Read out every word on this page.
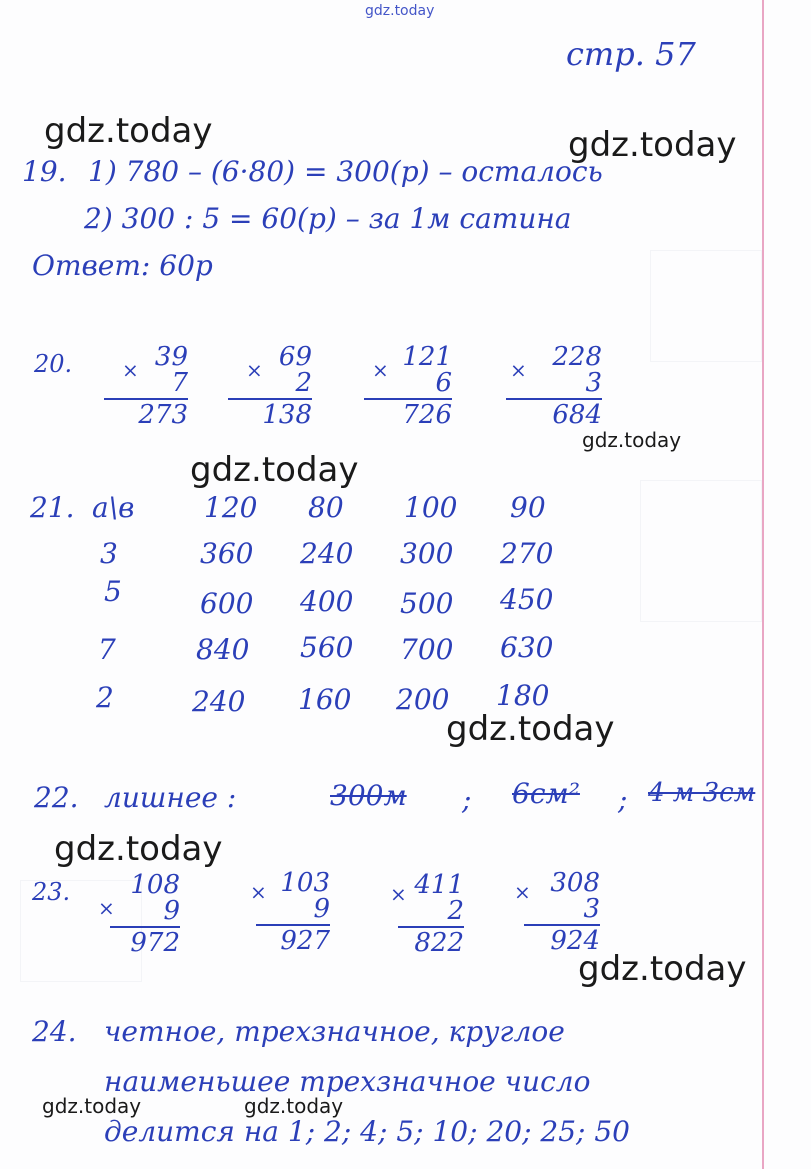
gdz.today
gdz.today	gdz.today
gdz.today
gdz.today
gdz.today
gdz.today
gdz.today
gdz.today	gdz.today
стр. 57
19. 1) 780 – (6·80) = 300(р) – осталось
2) 300 : 5 = 60(р) – за 1м сатина
Ответ: 60р
20. × 39
7
273
× 69
2
138
× 121
6
726
× 228
3
684
21. а\в 120 80 100 90
3	360 240 300 270
5	600 400 500 450
7	840 560 700 630
2	240 160 200 180
22. лишнее :	300м ; 6см² ; 4 м 3см
23.
×
108
9
972
× 103
9
927
× 411
2
822
× 308
3
924
24. четное, трехзначное, круглое
наименьшее трехзначное число
делится на 1; 2; 4; 5; 10; 20; 25; 50
